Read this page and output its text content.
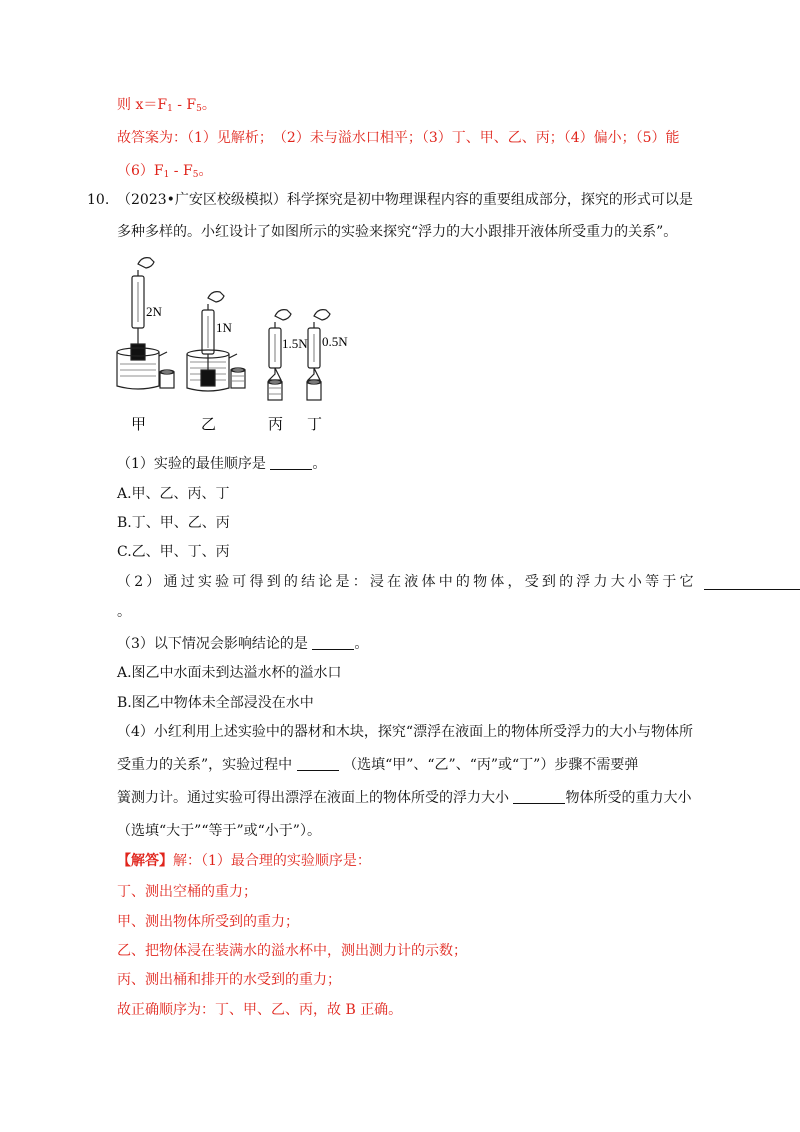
则 $x=F_1 - F_5$。
故答案为：（1）见解析；　（2）未与溢水口相平；（3）丁、甲、乙、丙；（4）偏小；（5）能
$(6)F_1 - F_5$。
10. （2023•广安区校级模拟）科学探究是初中物理课程内容的重要组成部分，探究的形式可以是
多种多样的。小红设计了如图所示的实验来探究“浮力的大小跟排开液体所受重力的关系”。
2N
1N
1.5N 0.5N
甲	乙	丙 丁
（1）实验的最佳顺序是	。
A.甲、乙、丙、丁
B.丁、甲、乙、丙
C.乙、甲、丁、丙
（2）通过实验可得到的结论是：浸在液体中的物体，受到的浮力大小等于它
。
（3）以下情况会影响结论的是	。
A.图乙中水面未到达溢水杯的溢水口
B.图乙中物体未全部浸没在水中
（4）小红利用上述实验中的器材和木块，探究“漂浮在液面上的物体所受浮力的大小与物体所
受重力的关系”，实验过程中	（选填“甲”、“乙”、“丙”或“丁”）步骤不需要弹
簧测力计。通过实验可得出漂浮在液面上的物体所受的浮力大小	物体所受的重力大小
（选填“大于”“等于”或“小于”）。
【解答】解：（1）最合理的实验顺序是：
丁、测出空桶的重力；
甲、测出物体所受到的重力；
乙、把物体浸在装满水的溢水杯中，测出测力计的示数；
丙、测出桶和排开的水受到的重力；
故正确顺序为：丁、甲、乙、丙，故 B 正确。
